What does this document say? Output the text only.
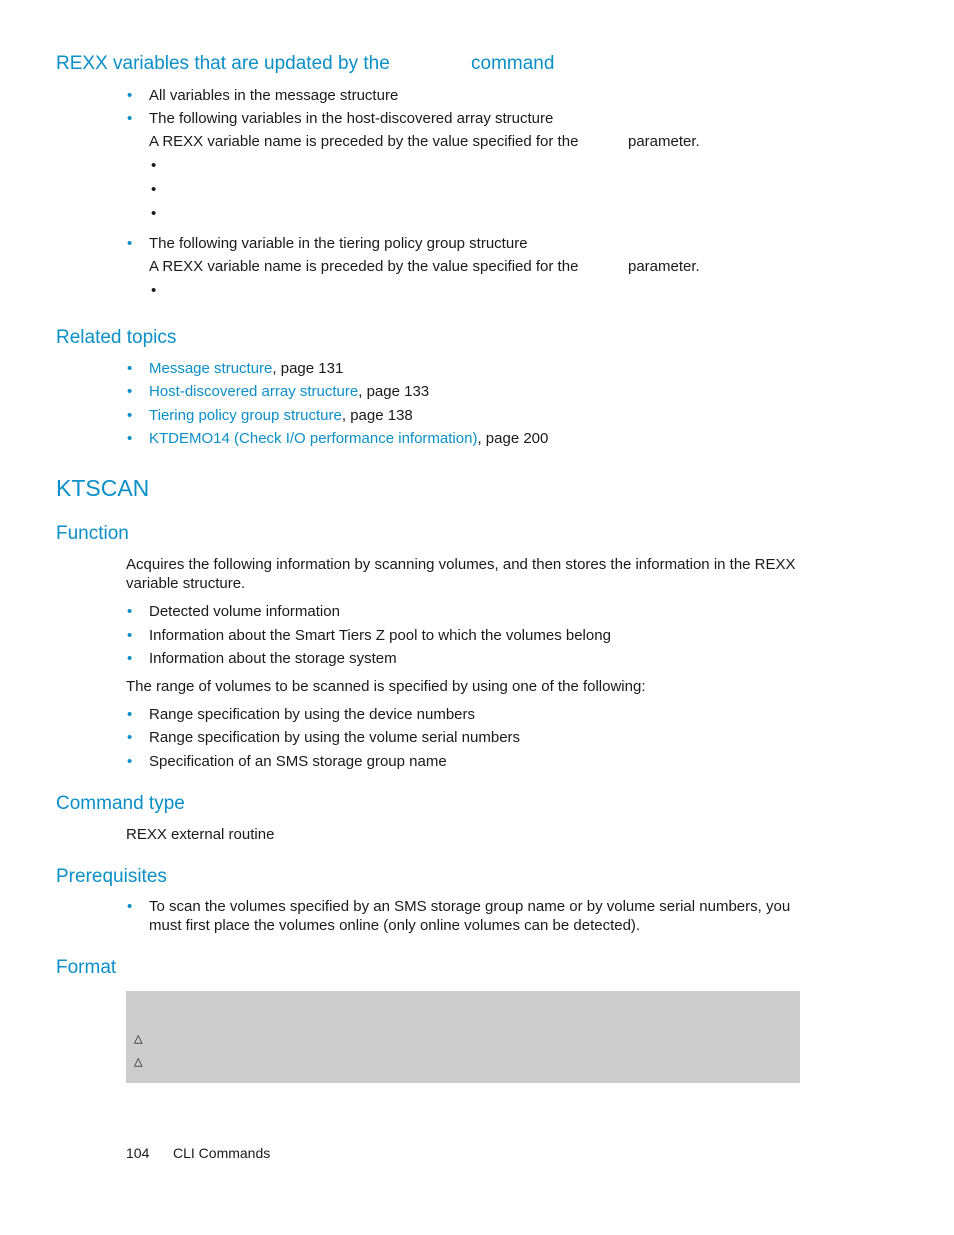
REXX variables that are updated by the	command
• All variables in the message structure
• The following variables in the host-discovered array structure
A REXX variable name is preceded by the value specified for the	parameter.
•
•
•
• The following variable in the tiering policy group structure
A REXX variable name is preceded by the value specified for the	parameter.
•
Related topics
• Message structure, page 131
• Host-discovered array structure, page 133
• Tiering policy group structure, page 138
• KTDEMO14 (Check I/O performance information), page 200
KTSCAN
Function
Acquires the following information by scanning volumes, and then stores the information in the REXX
variable structure.
• Detected volume information
• Information about the Smart Tiers Z pool to which the volumes belong
• Information about the storage system
The range of volumes to be scanned is specified by using one of the following:
• Range specification by using the device numbers
• Range specification by using the volume serial numbers
• Specification of an SMS storage group name
Command type
REXX external routine
Prerequisites
• To scan the volumes specified by an SMS storage group name or by volume serial numbers, you
must first place the volumes online (only online volumes can be detected).
Format
△
△
104 CLI Commands
